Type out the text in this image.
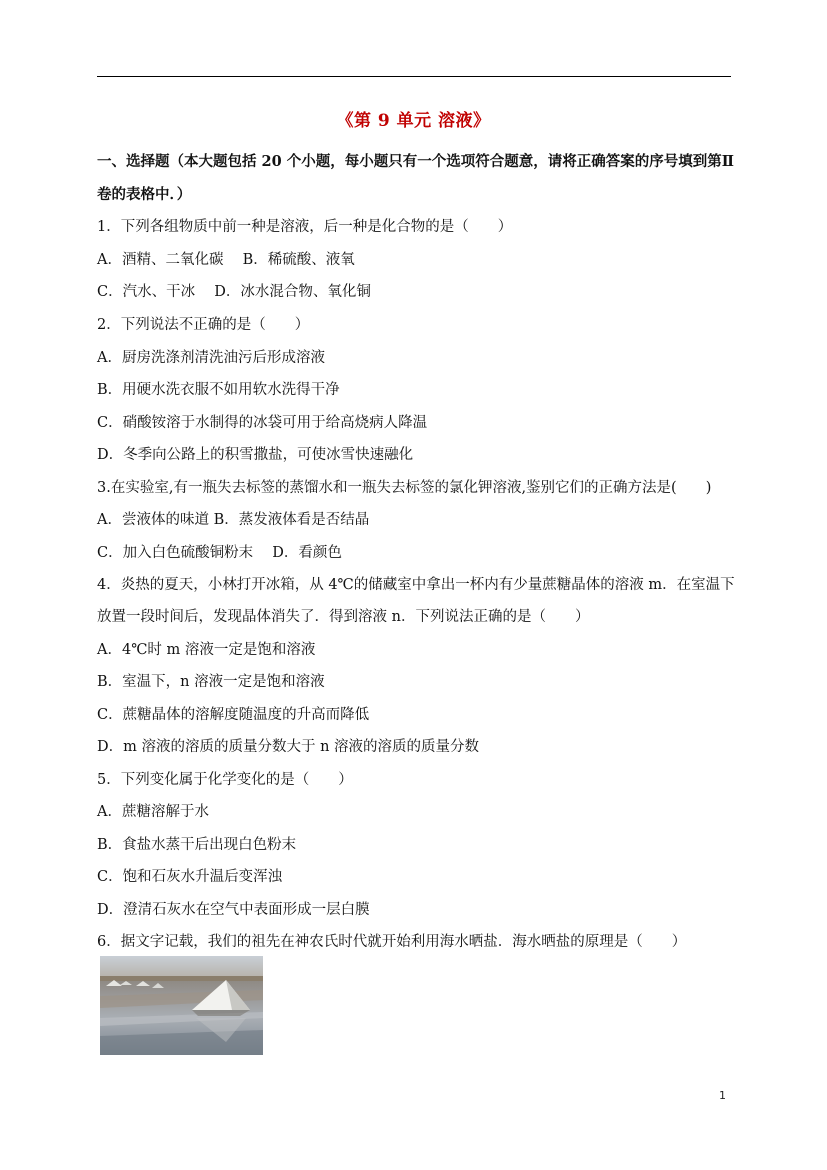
《第 9 单元 溶液》
一、选择题（本大题包括 20 个小题，每小题只有一个选项符合题意，请将正确答案的序号填到第Ⅱ
卷的表格中．）
1．下列各组物质中前一种是溶液，后一种是化合物的是（　　）
A．酒精、二氧化碳　 B．稀硫酸、液氧
C．汽水、干冰　 D．冰水混合物、氧化铜
2．下列说法不正确的是（　　）
A．厨房洗涤剂清洗油污后形成溶液
B．用硬水洗衣服不如用软水洗得干净
C．硝酸铵溶于水制得的冰袋可用于给高烧病人降温
D．冬季向公路上的积雪撒盐，可使冰雪快速融化
3.在实验室,有一瓶失去标签的蒸馏水和一瓶失去标签的氯化钾溶液,鉴别它们的正确方法是(　　)
A．尝液体的味道 B．蒸发液体看是否结晶
C．加入白色硫酸铜粉末　 D．看颜色
4．炎热的夏天，小林打开冰箱，从 4℃的储藏室中拿出一杯内有少量蔗糖晶体的溶液 m．在室温下
放置一段时间后，发现晶体消失了．得到溶液 n．下列说法正确的是（　　）
A．4℃时 m 溶液一定是饱和溶液
B．室温下，n 溶液一定是饱和溶液
C．蔗糖晶体的溶解度随温度的升高而降低
D．m 溶液的溶质的质量分数大于 n 溶液的溶质的质量分数
5．下列变化属于化学变化的是（　　）
A．蔗糖溶解于水
B．食盐水蒸干后出现白色粉末
C．饱和石灰水升温后变浑浊
D．澄清石灰水在空气中表面形成一层白膜
6．据文字记载，我们的祖先在神农氏时代就开始利用海水晒盐．海水晒盐的原理是（　　）
1
